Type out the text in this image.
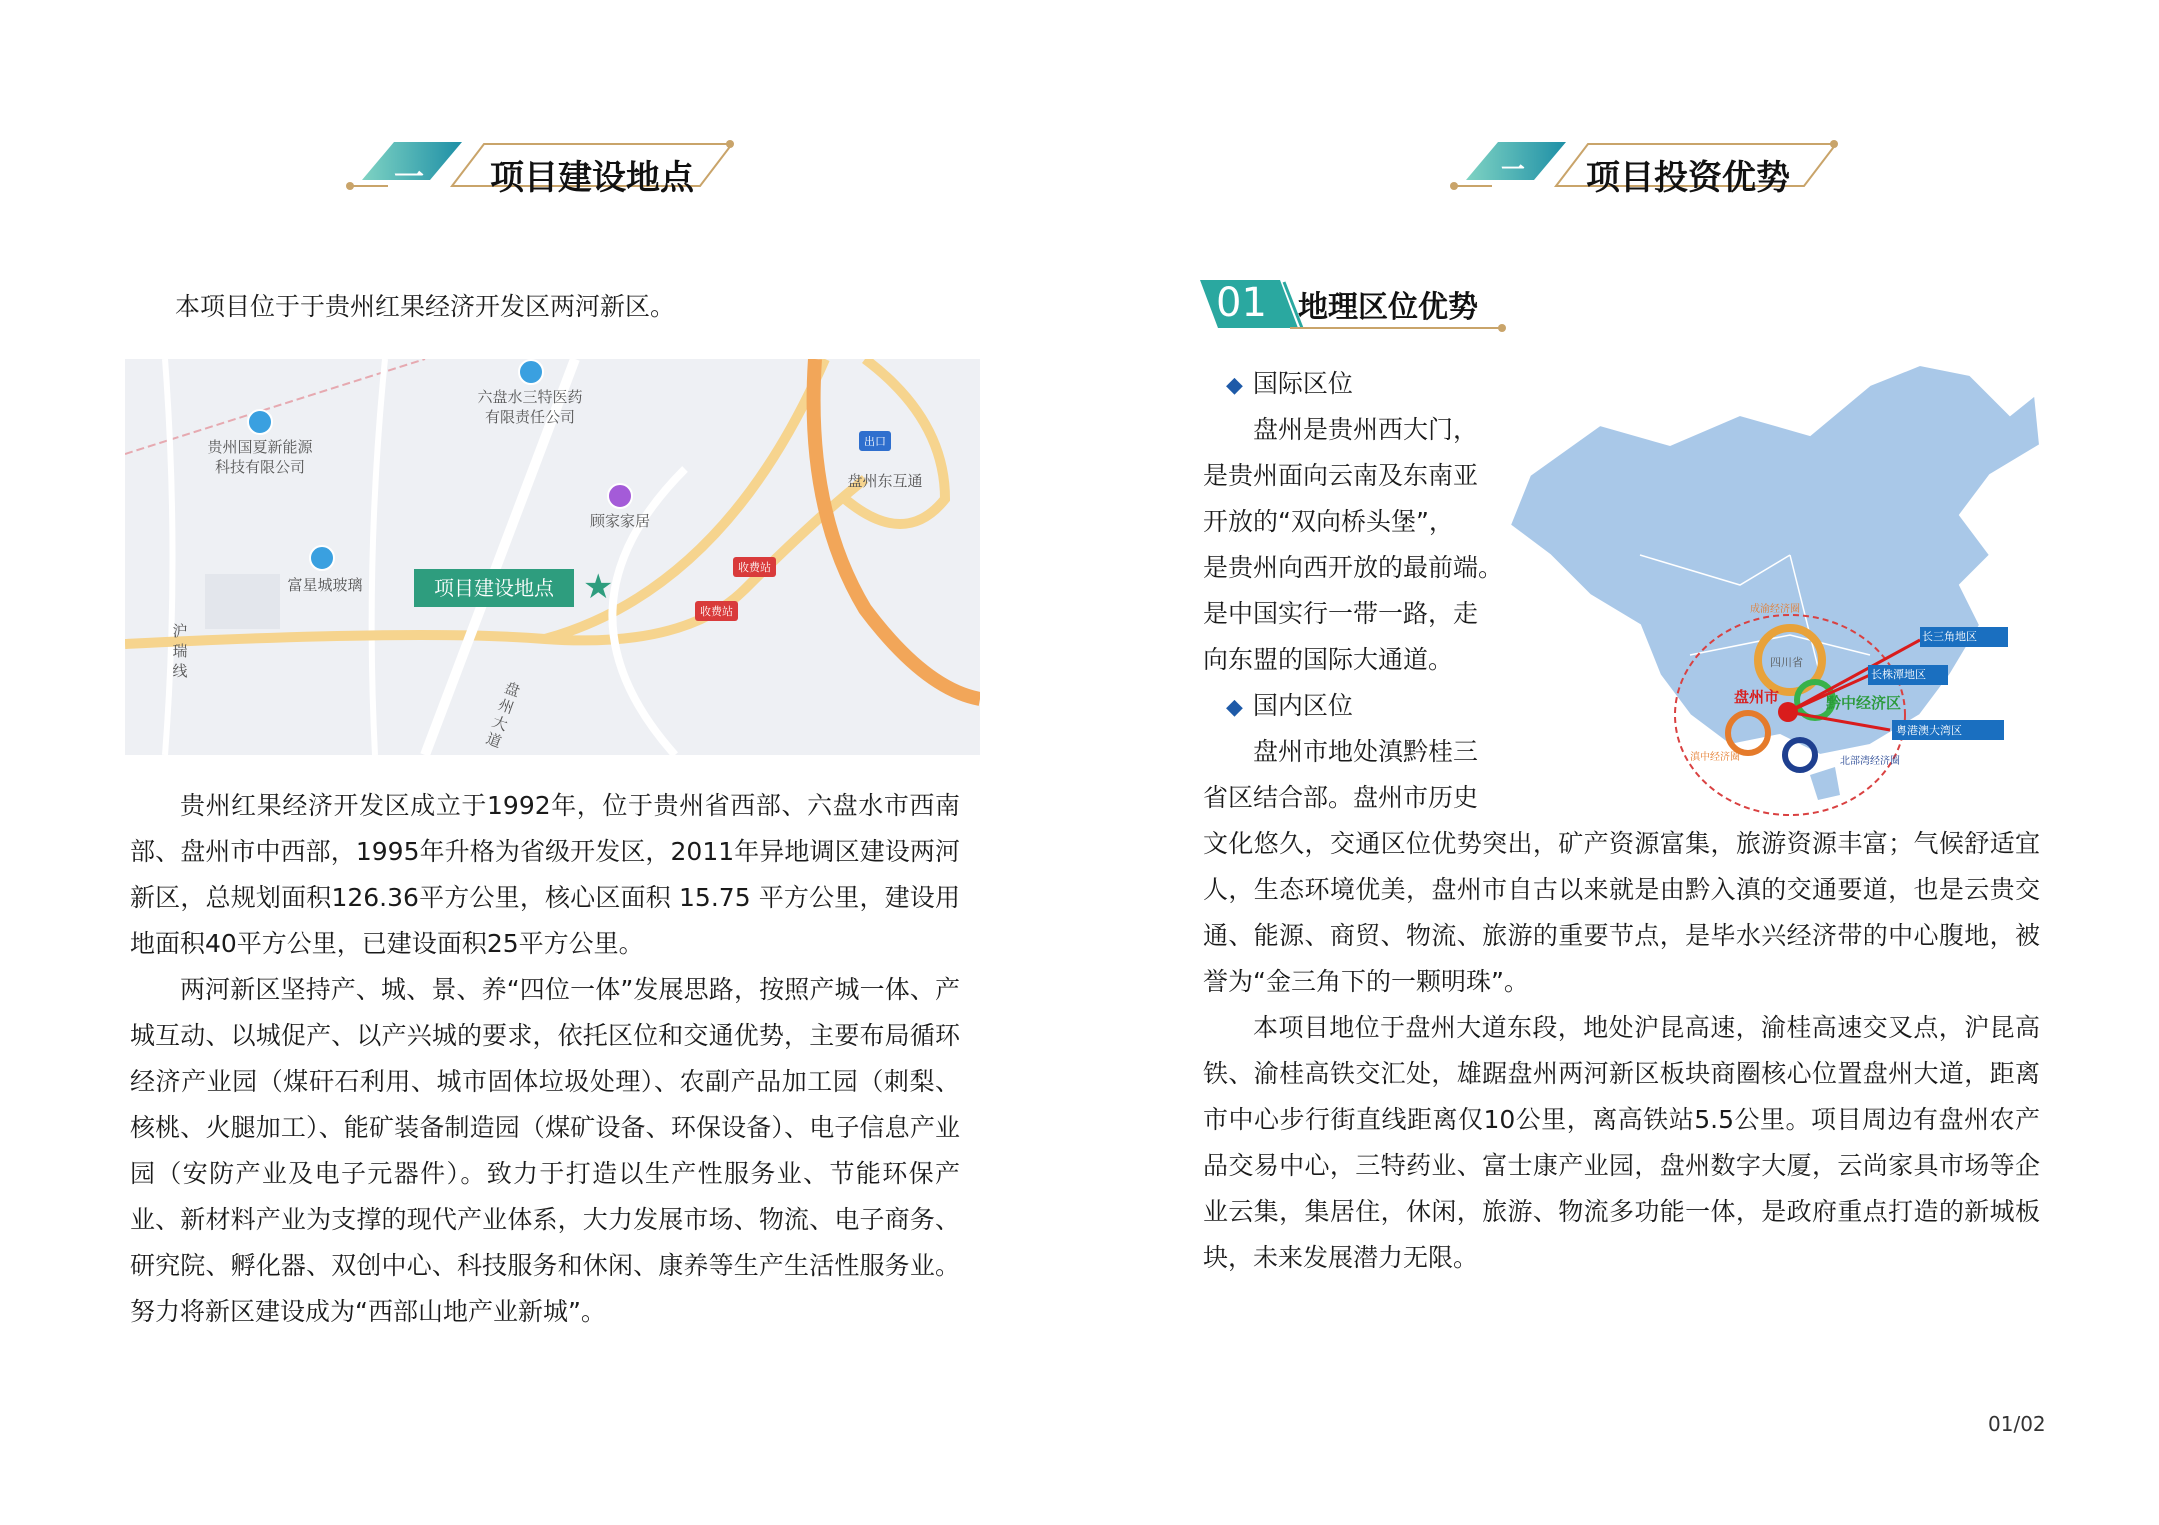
一 项目建设地点	二 项目投资优势
本项目位于于贵州红果经济开发区两河新区。
六盘水三特医药
有限责任公司
贵州国夏新能源
科技有限公司
顾家家居
富星城玻璃
出口
盘州东互通
收费站
收费站
沪
瑞
线
盘州大道
项目建设地点 ★

贵州红果经济开发区成立于1992年，位于贵州省西部、六盘水市西南部、盘州市中西部，1995年升格为省级开发区，2011年异地调区建设两河新区，总规划面积126.36平方公里，核心区面积 15.75 平方公里，建设用地面积40平方公里，已建设面积25平方公里。

两河新区坚持产、城、景、养“四位一体”发展思路，按照产城一体、产城互动、以城促产、以产兴城的要求，依托区位和交通优势，主要布局循环经济产业园（煤矸石利用、城市固体垃圾处理）、农副产品加工园（刺梨、核桃、火腿加工）、能矿装备制造园（煤矿设备、环保设备）、电子信息产业园（安防产业及电子元器件）。致力于打造以生产性服务业、节能环保产业、新材料产业为支撑的现代产业体系，大力发展市场、物流、电子商务、研究院、孵化器、双创中心、科技服务和休闲、康养等生产生活性服务业。努力将新区建设成为“西部山地产业新城”。

01 地理区位优势
长三角地区
长株潭地区
粤港澳大湾区
盘州市	黔中经济区
四川省
成渝经济圈
滇中经济圈	北部湾经济圈
◆ 国际区位

盘州是贵州西大门，

是贵州面向云南及东南亚

开放的“双向桥头堡”，

是贵州向西开放的最前端。

是中国实行一带一路，走

向东盟的国际大通道。

◆ 国内区位

盘州市地处滇黔桂三

省区结合部。盘州市历史

文化悠久，交通区位优势突出，矿产资源富集，旅游资源丰富；气候舒适宜人，生态环境优美，盘州市自古以来就是由黔入滇的交通要道，也是云贵交通、能源、商贸、物流、旅游的重要节点，是毕水兴经济带的中心腹地，被誉为“金三角下的一颗明珠”。

本项目地位于盘州大道东段，地处沪昆高速，渝桂高速交叉点，沪昆高铁、渝桂高铁交汇处，雄踞盘州两河新区板块商圈核心位置盘州大道，距离市中心步行街直线距离仅10公里，离高铁站5.5公里。项目周边有盘州农产品交易中心，三特药业、富士康产业园，盘州数字大厦，云尚家具市场等企业云集，集居住，休闲，旅游、物流多功能一体，是政府重点打造的新城板块，未来发展潜力无限。

01/02
